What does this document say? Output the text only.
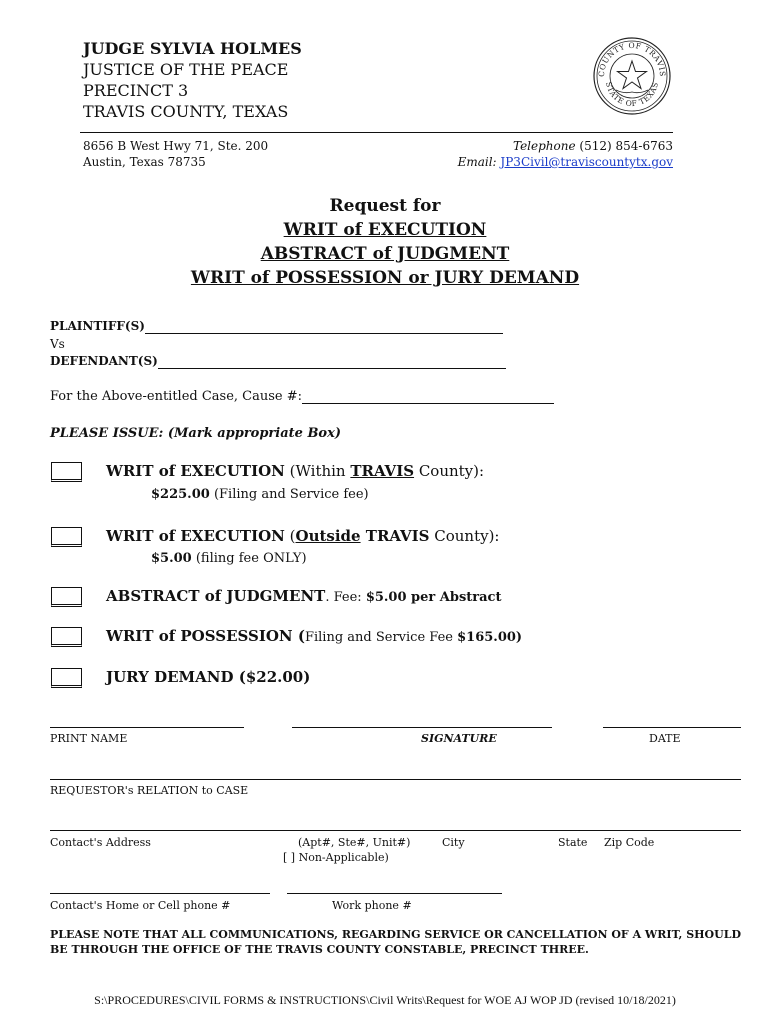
JUDGE SYLVIA HOLMES
JUSTICE OF THE PEACE
PRECINCT 3
TRAVIS COUNTY, TEXAS
COUNTY OF TRAVIS
STATE OF TEXAS
8656 B West Hwy 71, Ste. 200
Austin, Texas 78735
Telephone (512) 854-6763
Email: JP3Civil@traviscountytx.gov
Request for
WRIT of EXECUTION
ABSTRACT of JUDGMENT
WRIT of POSSESSION or JURY DEMAND
PLAINTIFF(S)
Vs
DEFENDANT(S)
For the Above-entitled Case, Cause #:
PLEASE ISSUE: (Mark appropriate Box)
WRIT of EXECUTION (Within TRAVIS County):
$225.00 (Filing and Service fee)
WRIT of EXECUTION (Outside TRAVIS County):
$5.00 (filing fee ONLY)
ABSTRACT of JUDGMENT. Fee: $5.00 per Abstract
WRIT of POSSESSION (Filing and Service Fee $165.00)
JURY DEMAND ($22.00)
PRINT NAME	SIGNATURE	DATE
REQUESTOR's RELATION to CASE
Contact's Address	(Apt#, Ste#, Unit#)
[ ] Non-Applicable)
City	State Zip Code
Contact's Home or Cell phone #	Work phone #
PLEASE NOTE THAT ALL COMMUNICATIONS, REGARDING SERVICE OR CANCELLATION OF A WRIT, SHOULD BE THROUGH THE OFFICE OF THE TRAVIS COUNTY CONSTABLE, PRECINCT THREE.
S:\PROCEDURES\CIVIL FORMS & INSTRUCTIONS\Civil Writs\Request for WOE AJ WOP JD (revised 10/18/2021)
